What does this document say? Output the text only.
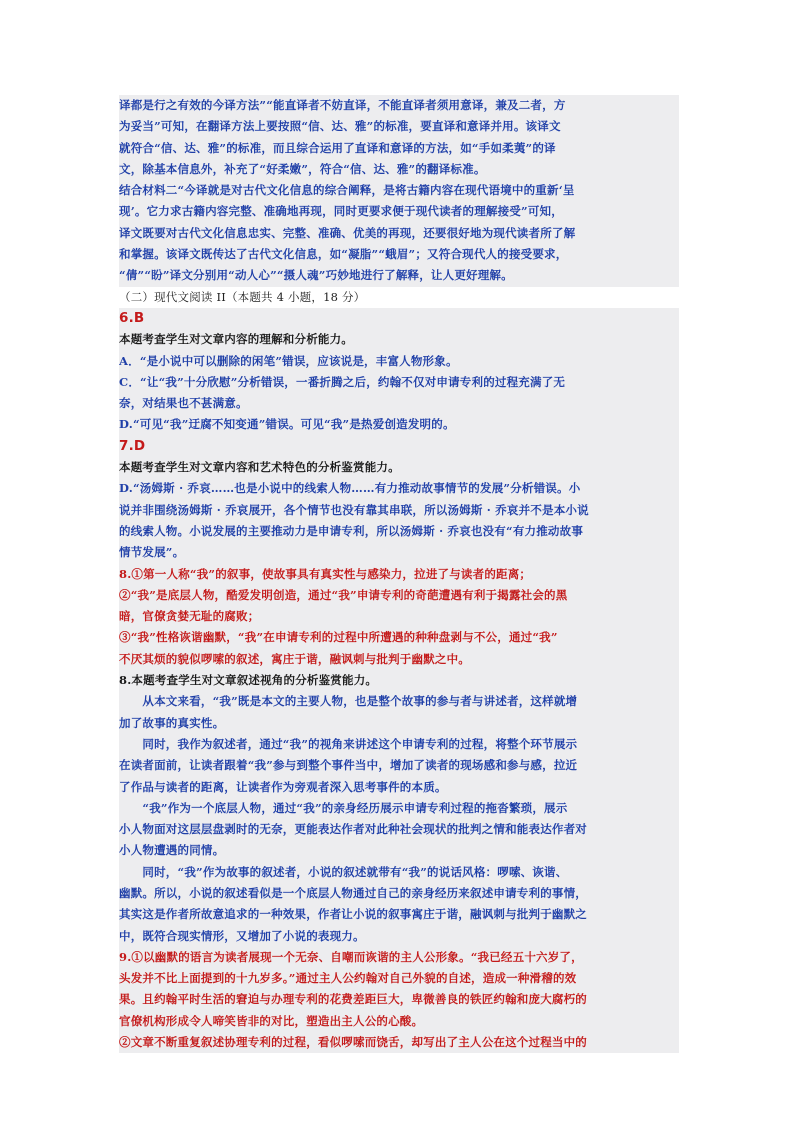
译都是行之有效的今译方法”“能直译者不妨直译，不能直译者须用意译，兼及二者，方
为妥当”可知，在翻译方法上要按照“信、达、雅”的标准，要直译和意译并用。该译文
就符合“信、达、雅”的标准，而且综合运用了直译和意译的方法，如“手如柔荑”的译
文，除基本信息外，补充了“好柔嫩”，符合“信、达、雅”的翻译标准。
结合材料二“今译就是对古代文化信息的综合阐释，是将古籍内容在现代语境中的重新‘呈
现’。它力求古籍内容完整、准确地再现，同时更要求便于现代读者的理解接受”可知，
译文既要对古代文化信息忠实、完整、准确、优美的再现，还要很好地为现代读者所了解
和掌握。该译文既传达了古代文化信息，如“凝脂”“蛾眉”；又符合现代人的接受要求，
“倩”“盼”译文分别用“动人心”“摄人魂”巧妙地进行了解释，让人更好理解。
（二）现代文阅读 II（本题共 4 小题，18 分）
6.B
本题考查学生对文章内容的理解和分析能力。
A．“是小说中可以删除的闲笔”错误，应该说是，丰富人物形象。
C．“让“我”十分欣慰”分析错误，一番折腾之后，约翰不仅对申请专利的过程充满了无
奈，对结果也不甚满意。
D.“可见“我”迂腐不知变通”错误。可见“我”是热爱创造发明的。
7.D
本题考查学生对文章内容和艺术特色的分析鉴赏能力。
D.“汤姆斯 · 乔哀……也是小说中的线索人物……有力推动故事情节的发展”分析错误。小
说并非围绕汤姆斯 · 乔哀展开，各个情节也没有靠其串联，所以汤姆斯 · 乔哀并不是本小说
的线索人物。小说发展的主要推动力是申请专利，所以汤姆斯 · 乔哀也没有“有力推动故事
情节发展”。
8.①第一人称“我”的叙事，使故事具有真实性与感染力，拉进了与读者的距离；
②“我”是底层人物，酷爱发明创造，通过“我”申请专利的奇葩遭遇有利于揭露社会的黑
暗，官僚贪婪无耻的腐败；
③“我”性格诙谐幽默，“我”在申请专利的过程中所遭遇的种种盘剥与不公，通过“我”
不厌其烦的貌似啰嗦的叙述，寓庄于谐，融讽刺与批判于幽默之中。
8.本题考查学生对文章叙述视角的分析鉴赏能力。
　　从本文来看，“我”既是本文的主要人物，也是整个故事的参与者与讲述者，这样就增
加了故事的真实性。
　　同时，我作为叙述者，通过“我”的视角来讲述这个申请专利的过程，将整个环节展示
在读者面前，让读者跟着“我”参与到整个事件当中，增加了读者的现场感和参与感，拉近
了作品与读者的距离，让读者作为旁观者深入思考事件的本质。
　　“我”作为一个底层人物，通过“我”的亲身经历展示申请专利过程的拖沓繁琐，展示
小人物面对这层层盘剥时的无奈，更能表达作者对此种社会现状的批判之情和能表达作者对
小人物遭遇的同情。
　　同时，“我”作为故事的叙述者，小说的叙述就带有“我”的说话风格：啰嗦、诙谐、
幽默。所以，小说的叙述看似是一个底层人物通过自己的亲身经历来叙述申请专利的事情，
其实这是作者所故意追求的一种效果，作者让小说的叙事寓庄于谐，融讽刺与批判于幽默之
中，既符合现实情形，又增加了小说的表现力。
9.①以幽默的语言为读者展现一个无奈、自嘲而诙谐的主人公形象。“我已经五十六岁了，
头发并不比上面提到的十九岁多。”通过主人公约翰对自己外貌的自述，造成一种滑稽的效
果。且约翰平时生活的窘迫与办理专利的花费差距巨大，卑微善良的铁匠约翰和庞大腐朽的
官僚机构形成令人啼笑皆非的对比，塑造出主人公的心酸。
②文章不断重复叙述协理专利的过程，看似啰嗦而饶舌，却写出了主人公在这个过程当中的
